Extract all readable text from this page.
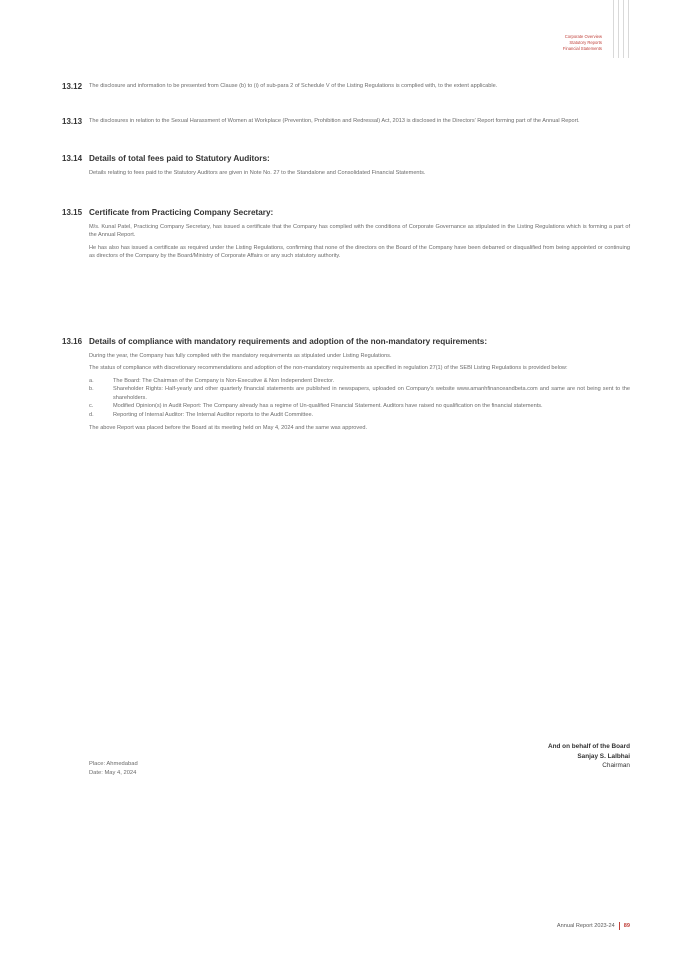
Corporate Overview
Statutory Reports
Financial Statements
13.12	The disclosure and information to be presented from Clause (b) to (i) of sub-para 2 of Schedule V of the Listing Regulations is complied with, to the extent applicable.
13.13	The disclosures in relation to the Sexual Harassment of Women at Workplace (Prevention, Prohibition and Redressal) Act, 2013 is disclosed in the Directors' Report forming part of the Annual Report.
13.14 Details of total fees paid to Statutory Auditors:
Details relating to fees paid to the Statutory Auditors are given in Note No. 27 to the Standalone and Consolidated Financial Statements.
13.15 Certificate from Practicing Company Secretary:
M/s. Kunal Patel, Practicing Company Secretary, has issued a certificate that the Company has complied with the conditions of Corporate Governance as stipulated in the Listing Regulations which is forming a part of the Annual Report.
He has also has issued a certificate as required under the Listing Regulations, confirming that none of the directors on the Board of the Company have been debarred or disqualified from being appointed or continuing as directors of the Company by the Board/Ministry of Corporate Affairs or any such statutory authority.
13.16 Details of compliance with mandatory requirements and adoption of the non-mandatory requirements:
During the year, the Company has fully complied with the mandatory requirements as stipulated under Listing Regulations.
The status of compliance with discretionary recommendations and adoption of the non-mandatory requirements as specified in regulation 27(1) of the SEBI Listing Regulations is provided below:
a.	The Board: The Chairman of the Company is Non-Executive & Non Independent Director.
b.	Shareholder Rights: Half-yearly and other quarterly financial statements are published in newspapers, uploaded on Company's website www.amanhfinanceandbeta.com and same are not being sent to the shareholders.
c.	Modified Opinion(s) in Audit Report: The Company already has a regime of Un-qualified Financial Statement. Auditors have raised no qualification on the financial statements.
d.	Reporting of Internal Auditor: The Internal Auditor reports to the Audit Committee.
The above Report was placed before the Board at its meeting held on May 4, 2024 and the same was approved.
And on behalf of the Board
Sanjay S. Lalbhai
Chairman
Place: Ahmedabad
Date: May 4, 2024
Annual Report 2023-24 89
